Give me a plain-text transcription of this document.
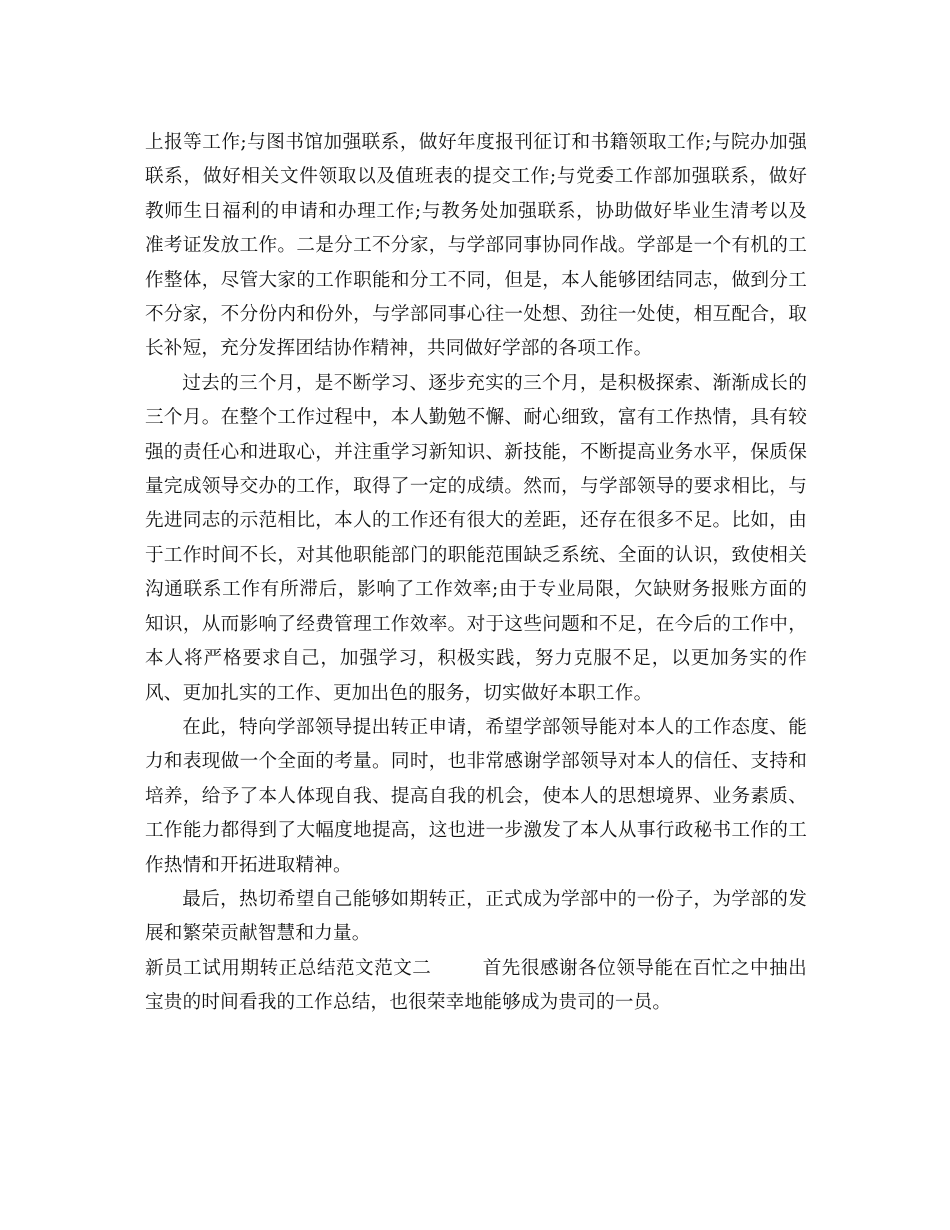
上报等工作;与图书馆加强联系，做好年度报刊征订和书籍领取工作;与院办加强联系，做好相关文件领取以及值班表的提交工作;与党委工作部加强联系，做好教师生日福利的申请和办理工作;与教务处加强联系，协助做好毕业生清考以及准考证发放工作。二是分工不分家，与学部同事协同作战。学部是一个有机的工作整体，尽管大家的工作职能和分工不同，但是，本人能够团结同志，做到分工不分家，不分份内和份外，与学部同事心往一处想、劲往一处使，相互配合，取长补短，充分发挥团结协作精神，共同做好学部的各项工作。

过去的三个月，是不断学习、逐步充实的三个月，是积极探索、渐渐成长的三个月。在整个工作过程中，本人勤勉不懈、耐心细致，富有工作热情，具有较强的责任心和进取心，并注重学习新知识、新技能，不断提高业务水平，保质保量完成领导交办的工作，取得了一定的成绩。然而，与学部领导的要求相比，与先进同志的示范相比，本人的工作还有很大的差距，还存在很多不足。比如，由于工作时间不长，对其他职能部门的职能范围缺乏系统、全面的认识，致使相关沟通联系工作有所滞后，影响了工作效率;由于专业局限，欠缺财务报账方面的知识，从而影响了经费管理工作效率。对于这些问题和不足，在今后的工作中，本人将严格要求自己，加强学习，积极实践，努力克服不足，以更加务实的作风、更加扎实的工作、更加出色的服务，切实做好本职工作。

在此，特向学部领导提出转正申请，希望学部领导能对本人的工作态度、能力和表现做一个全面的考量。同时，也非常感谢学部领导对本人的信任、支持和培养，给予了本人体现自我、提高自我的机会，使本人的思想境界、业务素质、工作能力都得到了大幅度地提高，这也进一步激发了本人从事行政秘书工作的工作热情和开拓进取精神。

最后，热切希望自己能够如期转正，正式成为学部中的一份子，为学部的发展和繁荣贡献智慧和力量。

新员工试用期转正总结范文范文二	首先很感谢各位领导能在百忙之中抽出宝贵的时间看我的工作总结，也很荣幸地能够成为贵司的一员。
